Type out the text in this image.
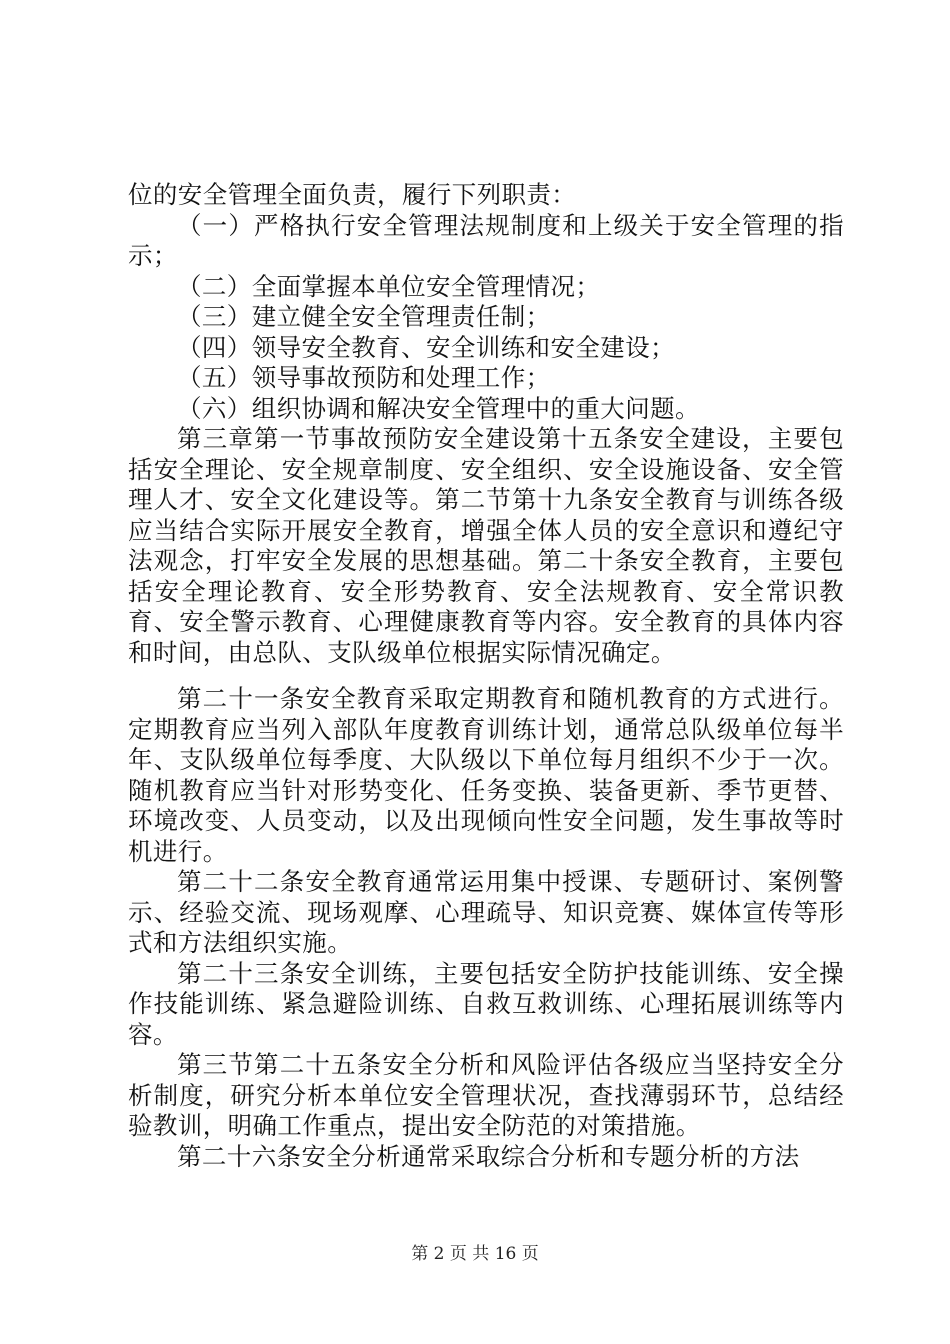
位的安全管理全面负责，履行下列职责：

（一）严格执行安全管理法规制度和上级关于安全管理的指示；

（二）全面掌握本单位安全管理情况；

（三）建立健全安全管理责任制；

（四）领导安全教育、安全训练和安全建设；

（五）领导事故预防和处理工作；

（六）组织协调和解决安全管理中的重大问题。

第三章第一节事故预防安全建设第十五条安全建设，主要包括安全理论、安全规章制度、安全组织、安全设施设备、安全管理人才、安全文化建设等。第二节第十九条安全教育与训练各级应当结合实际开展安全教育，增强全体人员的安全意识和遵纪守法观念，打牢安全发展的思想基础。第二十条安全教育，主要包括安全理论教育、安全形势教育、安全法规教育、安全常识教育、安全警示教育、心理健康教育等内容。安全教育的具体内容和时间，由总队、支队级单位根据实际情况确定。

第二十一条安全教育采取定期教育和随机教育的方式进行。定期教育应当列入部队年度教育训练计划，通常总队级单位每半年、支队级单位每季度、大队级以下单位每月组织不少于一次。随机教育应当针对形势变化、任务变换、装备更新、季节更替、环境改变、人员变动，以及出现倾向性安全问题，发生事故等时机进行。

第二十二条安全教育通常运用集中授课、专题研讨、案例警示、经验交流、现场观摩、心理疏导、知识竞赛、媒体宣传等形式和方法组织实施。

第二十三条安全训练，主要包括安全防护技能训练、安全操作技能训练、紧急避险训练、自救互救训练、心理拓展训练等内容。

第三节第二十五条安全分析和风险评估各级应当坚持安全分析制度，研究分析本单位安全管理状况，查找薄弱环节，总结经验教训，明确工作重点，提出安全防范的对策措施。

第二十六条安全分析通常采取综合分析和专题分析的方法

第 2 页 共 16 页
